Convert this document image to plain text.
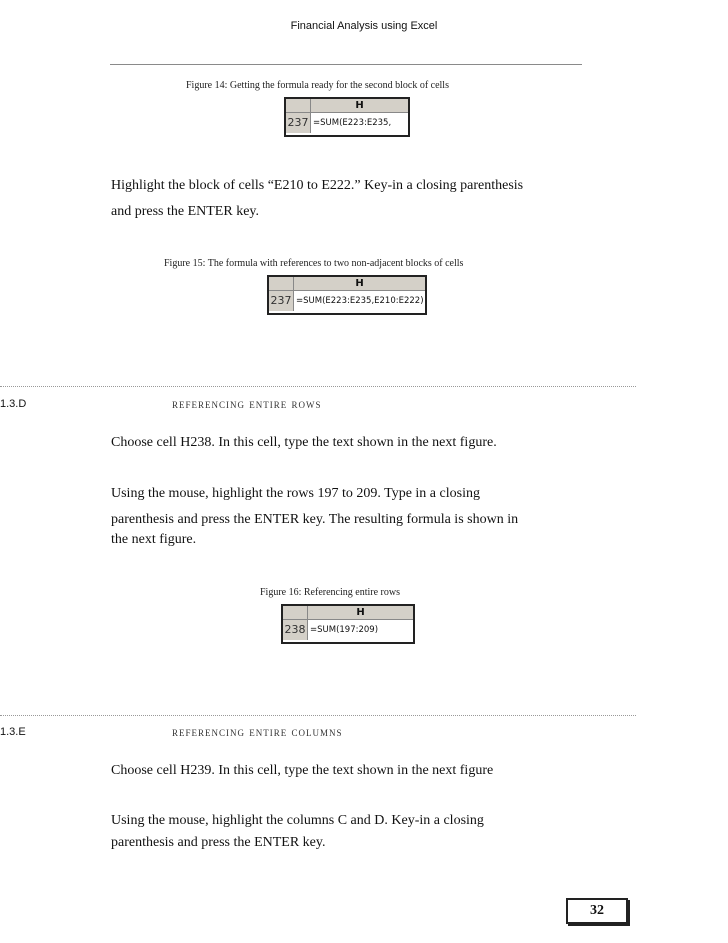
Financial Analysis using Excel
Figure 14: Getting the formula ready for the second block of cells
H
237 =SUM(E223:E235,
Highlight the block of cells “E210 to E222.” Key-in a closing parenthesis
and press the ENTER key.
Figure 15: The formula with references to two non-adjacent blocks of cells
H
237 =SUM(E223:E235,E210:E222)
1.3.D	referencing entire rows
Choose cell H238. In this cell, type the text shown in the next figure.
Using the mouse, highlight the rows 197 to 209. Type in a closing
parenthesis and press the ENTER key. The resulting formula is shown in
the next figure.
Figure 16: Referencing entire rows
H
238 =SUM(197:209)
1.3.E	referencing entire columns
Choose cell H239. In this cell, type the text shown in the next figure
Using the mouse, highlight the columns C and D. Key-in a closing
parenthesis and press the ENTER key.
32
